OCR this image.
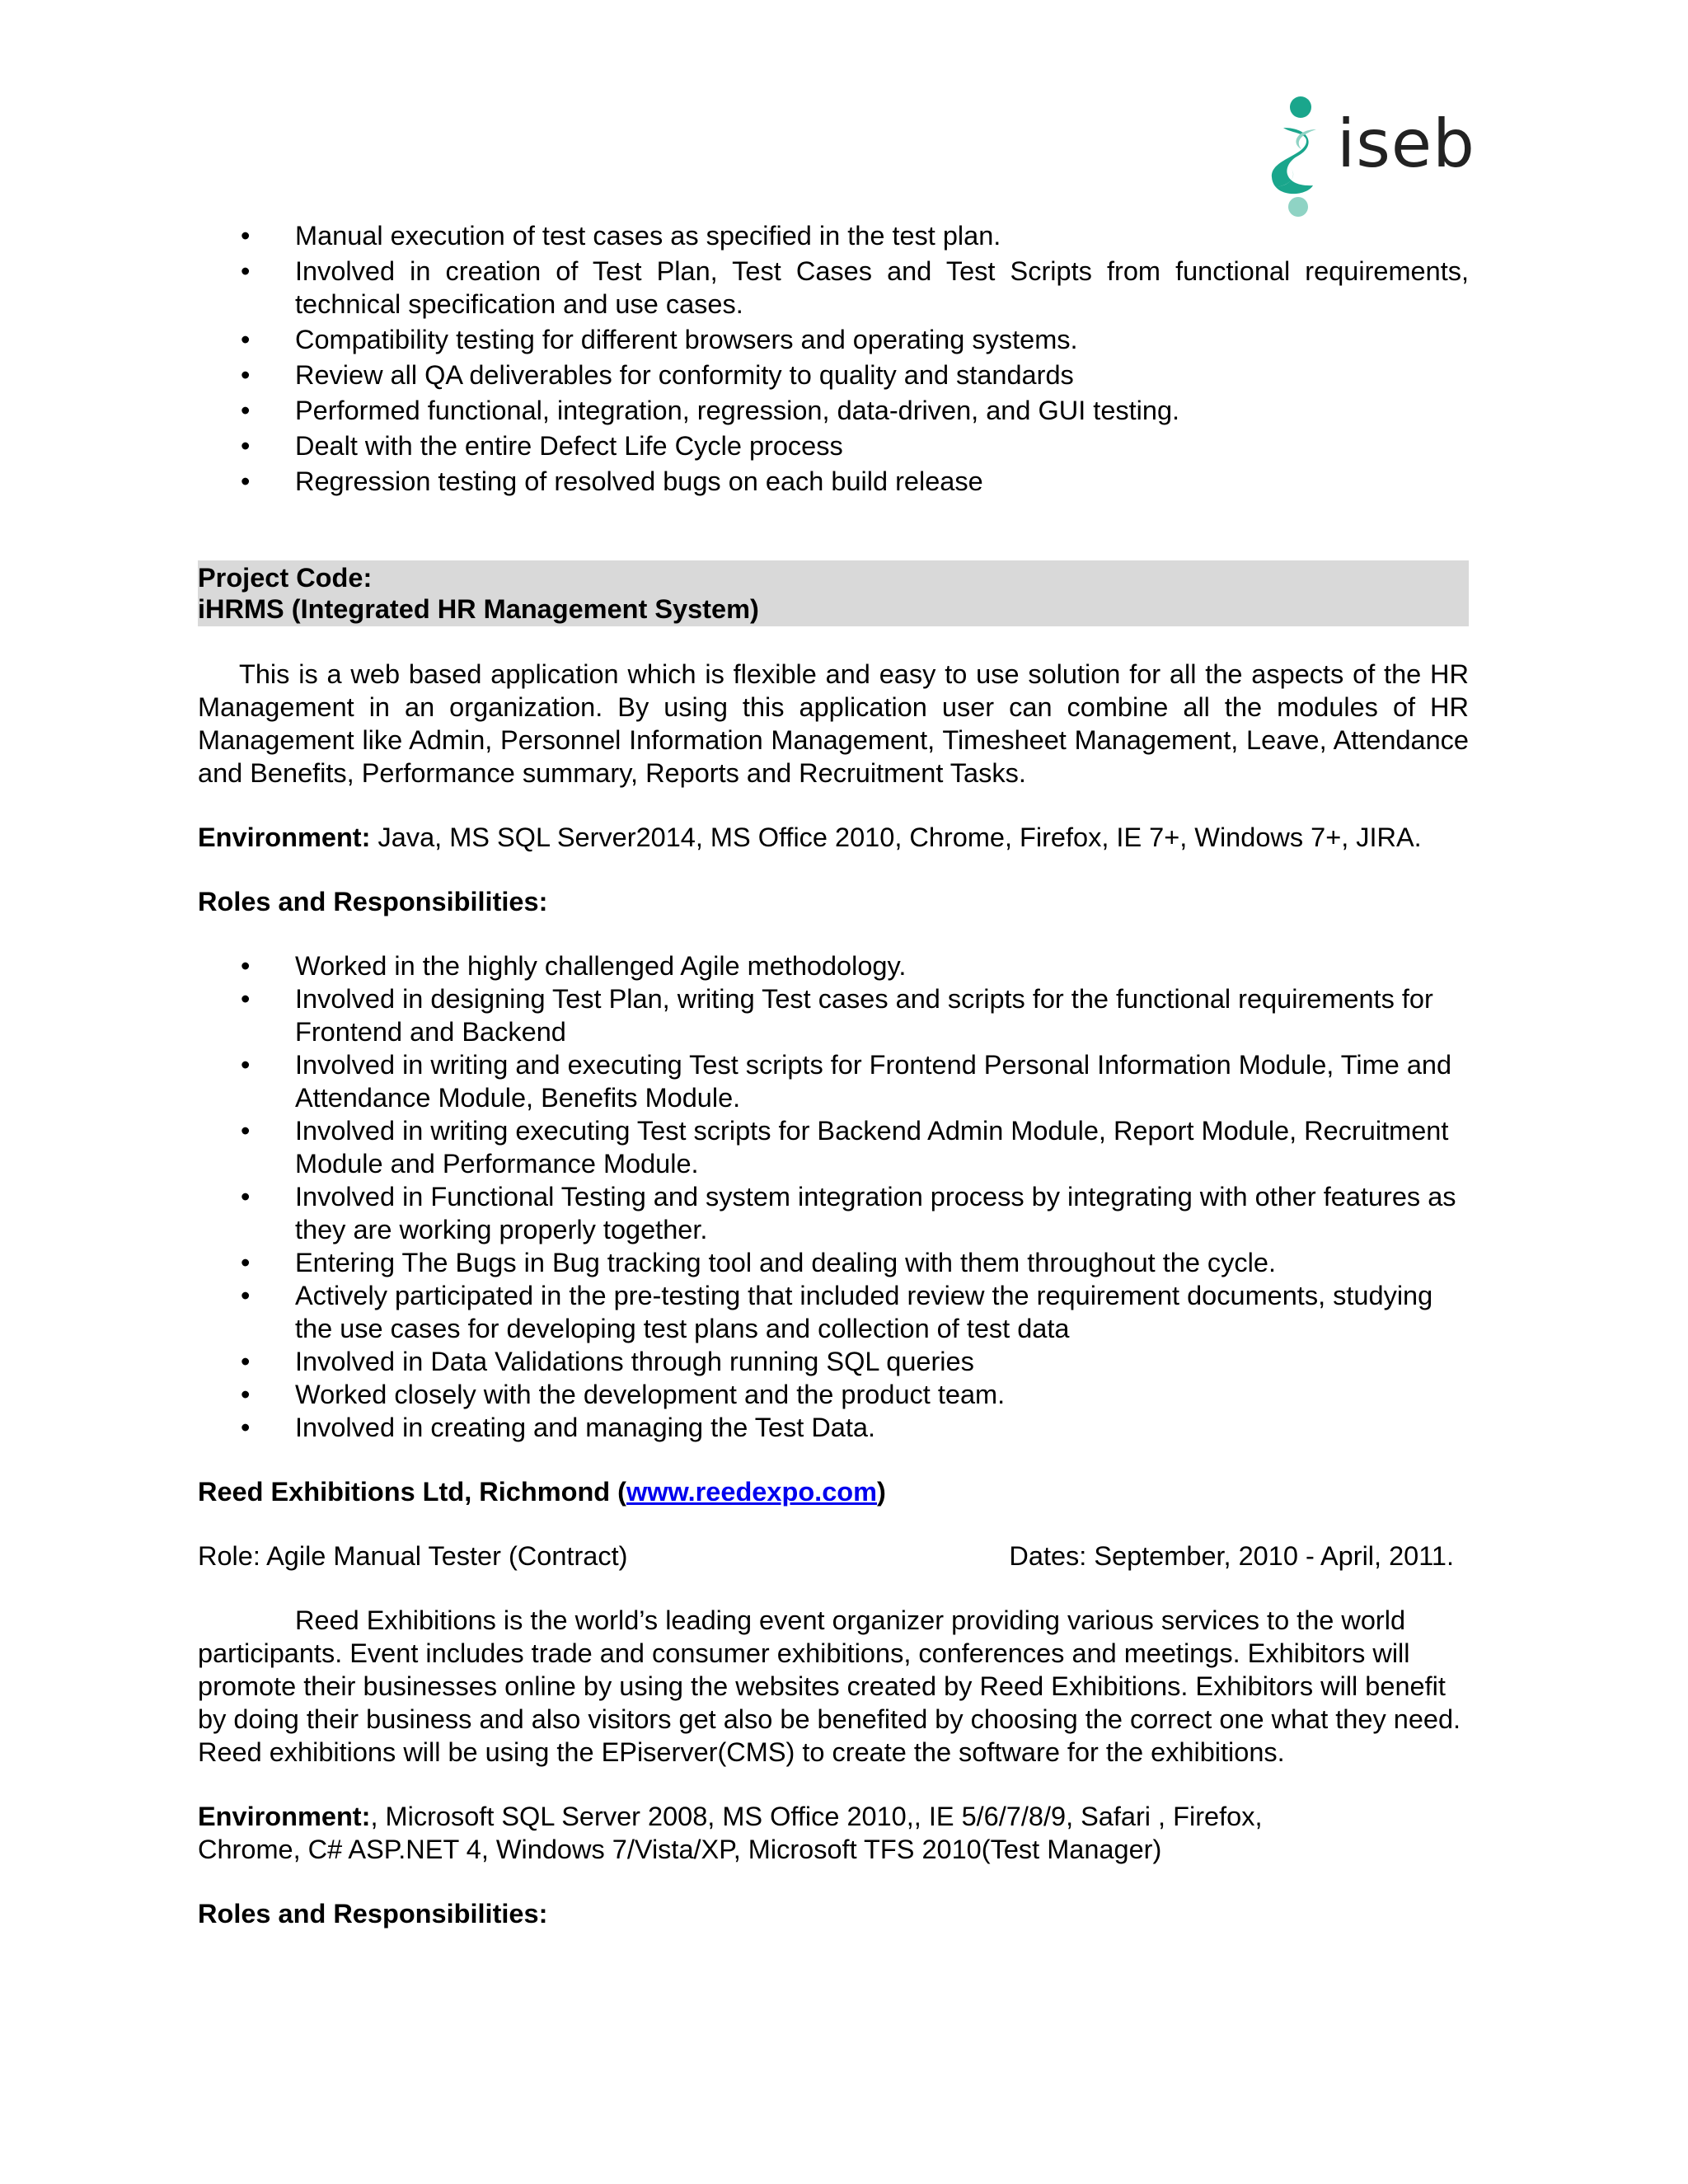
iseb
• Manual execution of test cases as specified in the test plan.
• Involved in creation of Test Plan, Test Cases and Test Scripts from functional requirements, technical specification and use cases.
• Compatibility testing for different browsers and operating systems.
• Review all QA deliverables for conformity to quality and standards
• Performed functional, integration, regression, data-driven, and GUI testing.
• Dealt with the entire Defect Life Cycle process
• Regression testing of resolved bugs on each build release
Project Code:
iHRMS (Integrated HR Management System)
This is a web based application which is flexible and easy to use solution for all the aspects of the HR Management in an organization. By using this application user can combine all the modules of HR Management like Admin, Personnel Information Management, Timesheet Management, Leave, Attendance and Benefits, Performance summary, Reports and Recruitment Tasks.
Environment: Java, MS SQL Server2014, MS Office 2010, Chrome, Firefox, IE 7+, Windows 7+, JIRA.
Roles and Responsibilities:
• Worked in the highly challenged Agile methodology.
• Involved in designing Test Plan, writing Test cases and scripts for the functional requirements for Frontend and Backend
• Involved in writing and executing Test scripts for Frontend Personal Information Module, Time and Attendance Module, Benefits Module.
• Involved in writing executing Test scripts for Backend Admin Module, Report Module, Recruitment Module and Performance Module.
• Involved in Functional Testing and system integration process by integrating with other features as they are working properly together.
• Entering The Bugs in Bug tracking tool and dealing with them throughout the cycle.
• Actively participated in the pre-testing that included review the requirement documents, studying the use cases for developing test plans and collection of test data
• Involved in Data Validations through running SQL queries
• Worked closely with the development and the product team.
• Involved in creating and managing the Test Data.
Reed Exhibitions Ltd, Richmond (www.reedexpo.com)
Role: Agile Manual Tester (Contract)	Dates: September, 2010 - April, 2011.
Reed Exhibitions is the world’s leading event organizer providing various services to the world participants. Event includes trade and consumer exhibitions, conferences and meetings. Exhibitors will promote their businesses online by using the websites created by Reed Exhibitions. Exhibitors will benefit by doing their business and also visitors get also be benefited by choosing the correct one what they need. Reed exhibitions will be using the EPiserver(CMS) to create the software for the exhibitions.
Environment:, Microsoft SQL Server 2008, MS Office 2010,, IE 5/6/7/8/9, Safari , Firefox,
Chrome, C# ASP.NET 4, Windows 7/Vista/XP, Microsoft TFS 2010(Test Manager)
Roles and Responsibilities:
